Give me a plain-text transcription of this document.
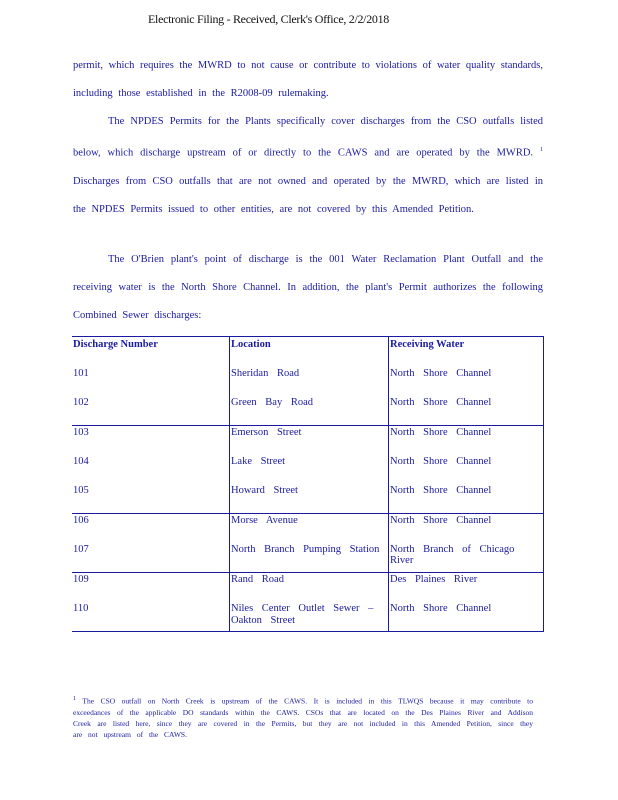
Electronic Filing - Received, Clerk's Office, 2/2/2018
permit, which requires the MWRD to not cause or contribute to violations of water quality standards, including those established in the R2008-09 rulemaking.
The NPDES Permits for the Plants specifically cover discharges from the CSO outfalls listed below, which discharge upstream of or directly to the CAWS and are operated by the MWRD. $^1$ Discharges from CSO outfalls that are not owned and operated by the MWRD, which are listed in the NPDES Permits issued to other entities, are not covered by this Amended Petition.
The O'Brien plant's point of discharge is the 001 Water Reclamation Plant Outfall and the receiving water is the North Shore Channel. In addition, the plant's Permit authorizes the following Combined Sewer discharges:
Discharge Number	Location	Receiving Water
101	Sheridan Road	North Shore Channel
102	Green Bay Road	North Shore Channel
103	Emerson Street	North Shore Channel
104	Lake Street	North Shore Channel
105	Howard Street	North Shore Channel
106	Morse Avenue	North Shore Channel
107	North Branch Pumping Station	North Branch of Chicago River
109	Rand Road	Des Plaines River
110	Niles Center Outlet Sewer – Oakton Street	North Shore Channel
$^1$ The CSO outfall on North Creek is upstream of the CAWS. It is included in this TLWQS because it may contribute to exceedances of the applicable DO standards within the CAWS. CSOs that are located on the Des Plaines River and Addison Creek are listed here, since they are covered in the Permits, but they are not included in this Amended Petition, since they are not upstream of the CAWS.
